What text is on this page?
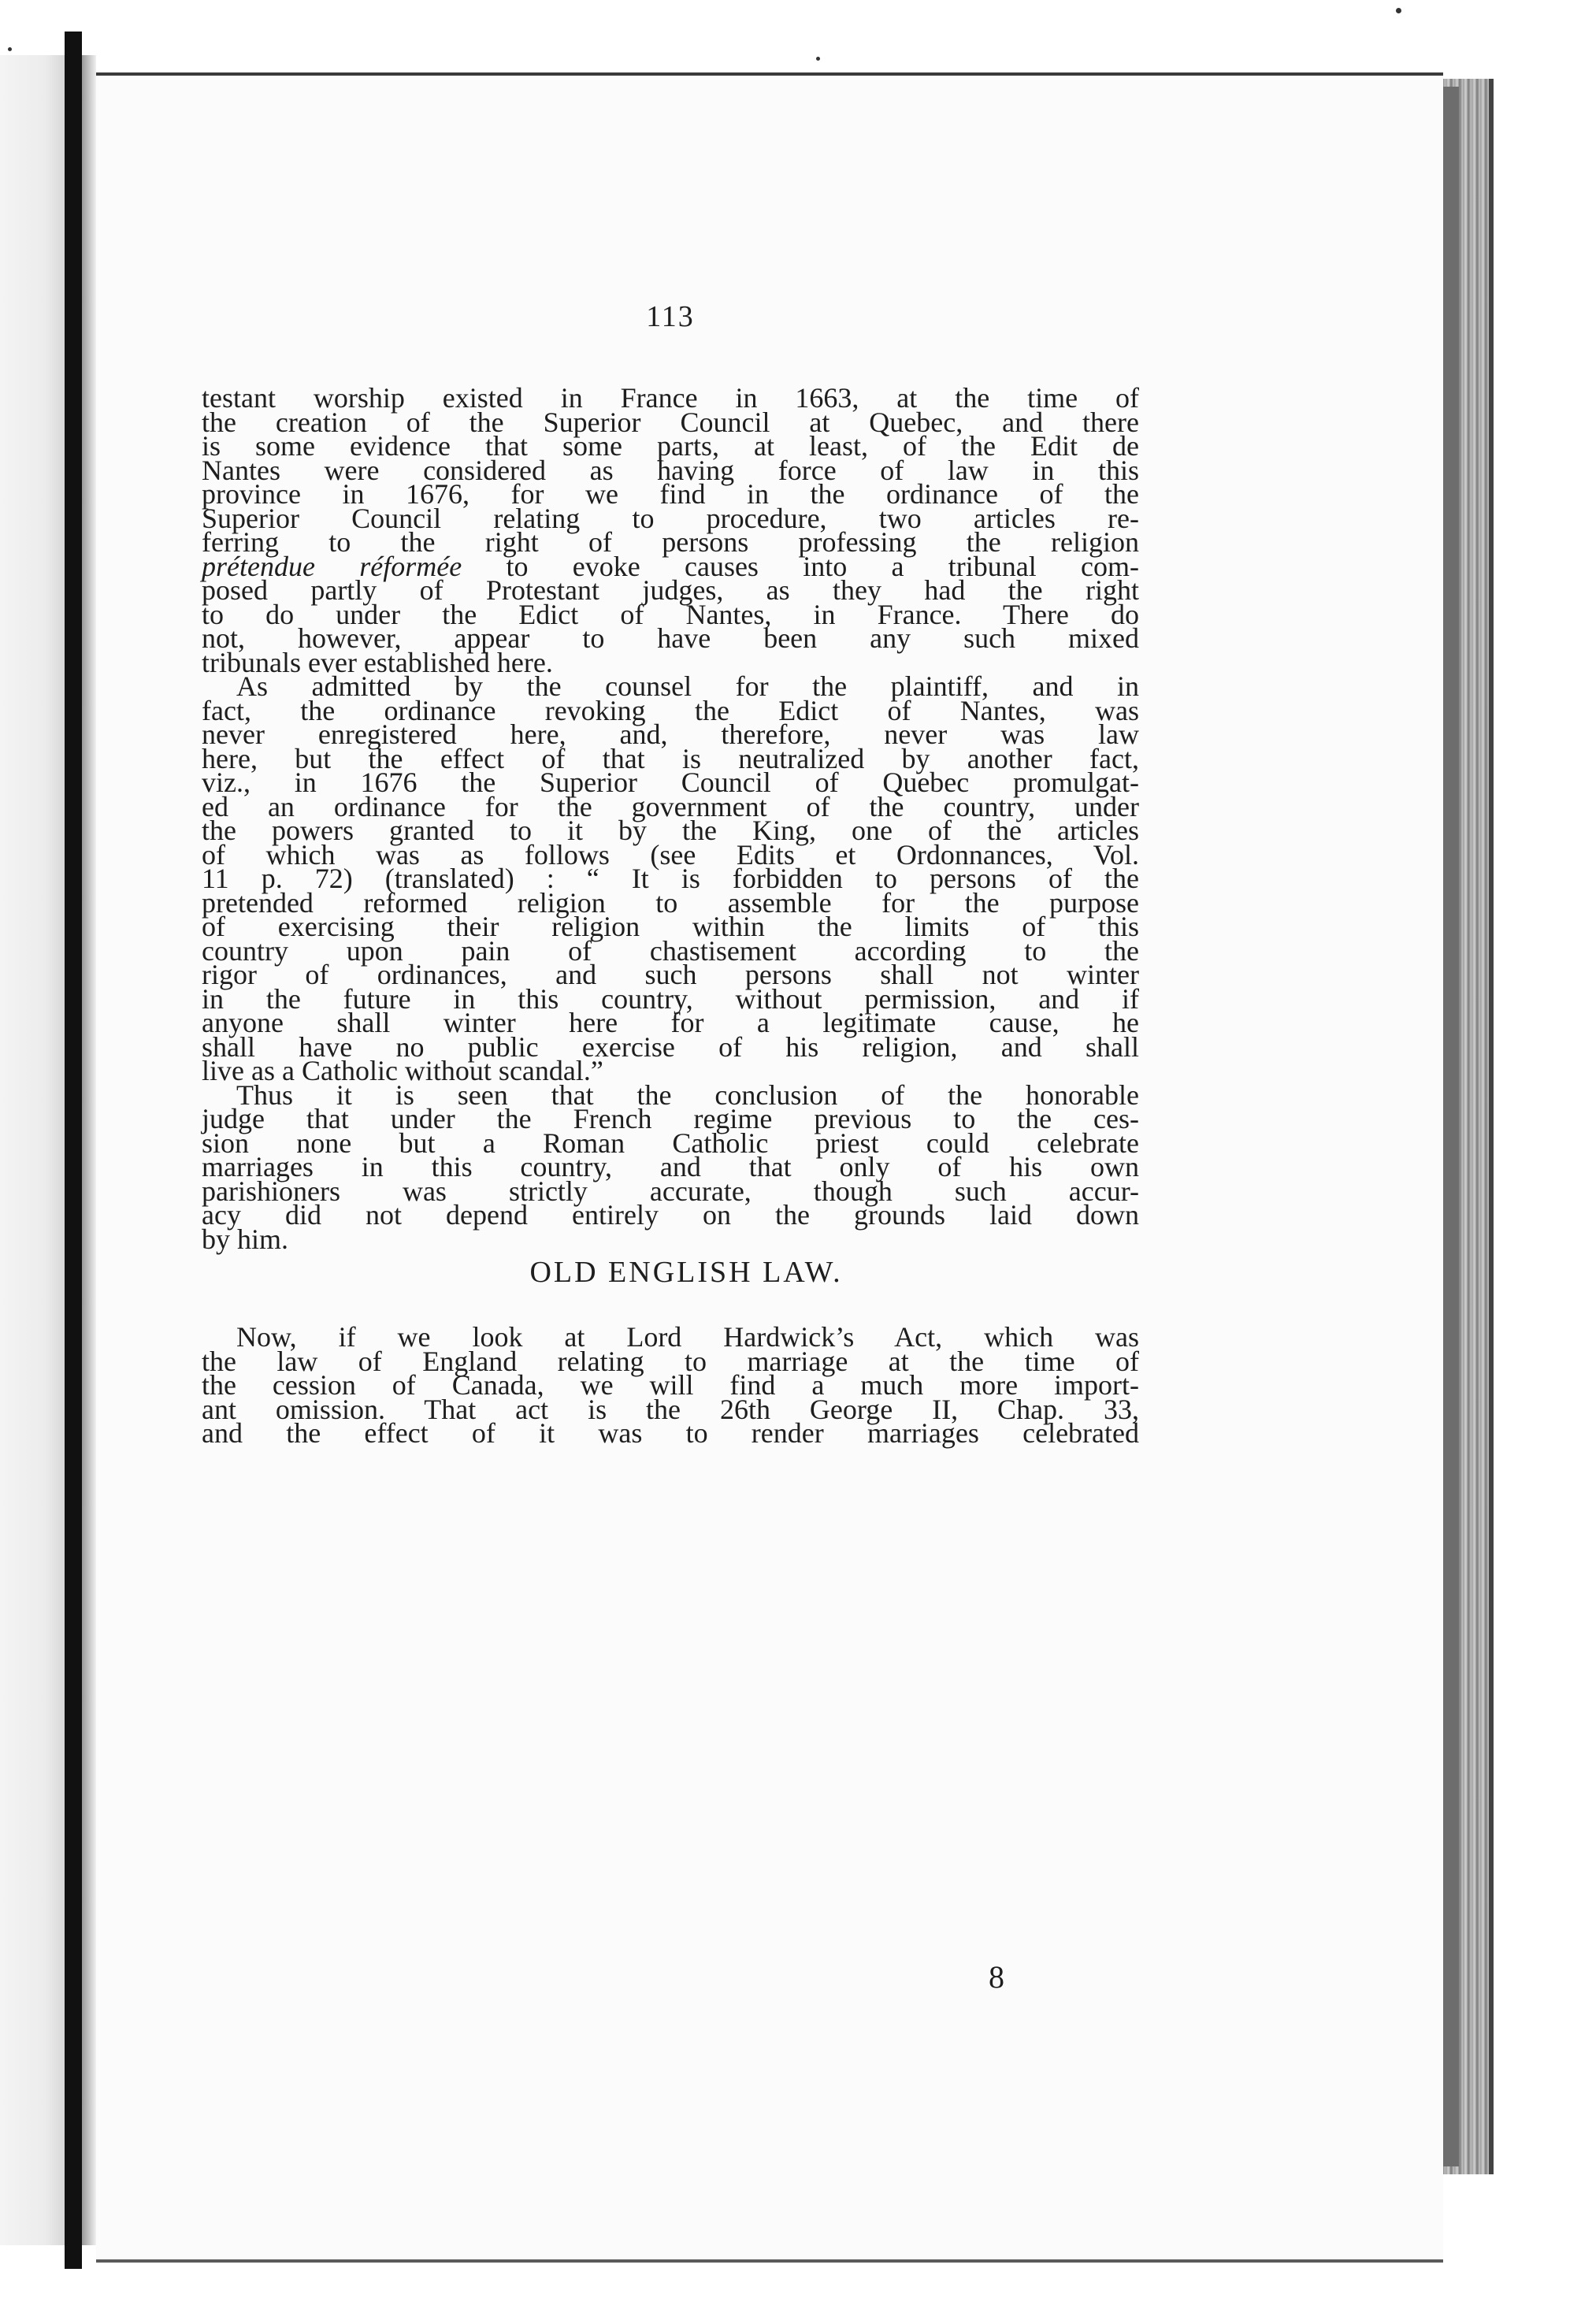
113
testant worship existed in France in 1663, at the time of
the creation of the Superior Council at Quebec, and there
is some evidence that some parts, at least, of the Edit de
Nantes were considered as having force of law in this
province in 1676, for we find in the ordinance of the
Superior Council relating to procedure, two articles re-
ferring to the right of persons professing the religion
prétendue réformée to evoke causes into a tribunal com-
posed partly of Protestant judges, as they had the right
to do under the Edict of Nantes, in France. There do
not, however, appear to have been any such mixed
tribunals ever established here.
As admitted by the counsel for the plaintiff, and in
fact, the ordinance revoking the Edict of Nantes, was
never enregistered here, and, therefore, never was law
here, but the effect of that is neutralized by another fact,
viz., in 1676 the Superior Council of Quebec promulgat-
ed an ordinance for the government of the country, under
the powers granted to it by the King, one of the articles
of which was as follows (see Edits et Ordonnances, Vol.
11 p. 72) (translated) : “ It is forbidden to persons of the
pretended reformed religion to assemble for the purpose
of exercising their religion within the limits of this
country upon pain of chastisement according to the
rigor of ordinances, and such persons shall not winter
in the future in this country, without permission, and if
anyone shall winter here for a legitimate cause, he
shall have no public exercise of his religion, and shall
live as a Catholic without scandal.”
Thus it is seen that the conclusion of the honorable
judge that under the French regime previous to the ces-
sion none but a Roman Catholic priest could celebrate
marriages in this country, and that only of his own
parishioners was strictly accurate, though such accur-
acy did not depend entirely on the grounds laid down
by him.
OLD ENGLISH LAW.
Now, if we look at Lord Hardwick’s Act, which was
the law of England relating to marriage at the time of
the cession of Canada, we will find a much more import-
ant omission. That act is the 26th George II, Chap. 33,
and the effect of it was to render marriages celebrated
8
